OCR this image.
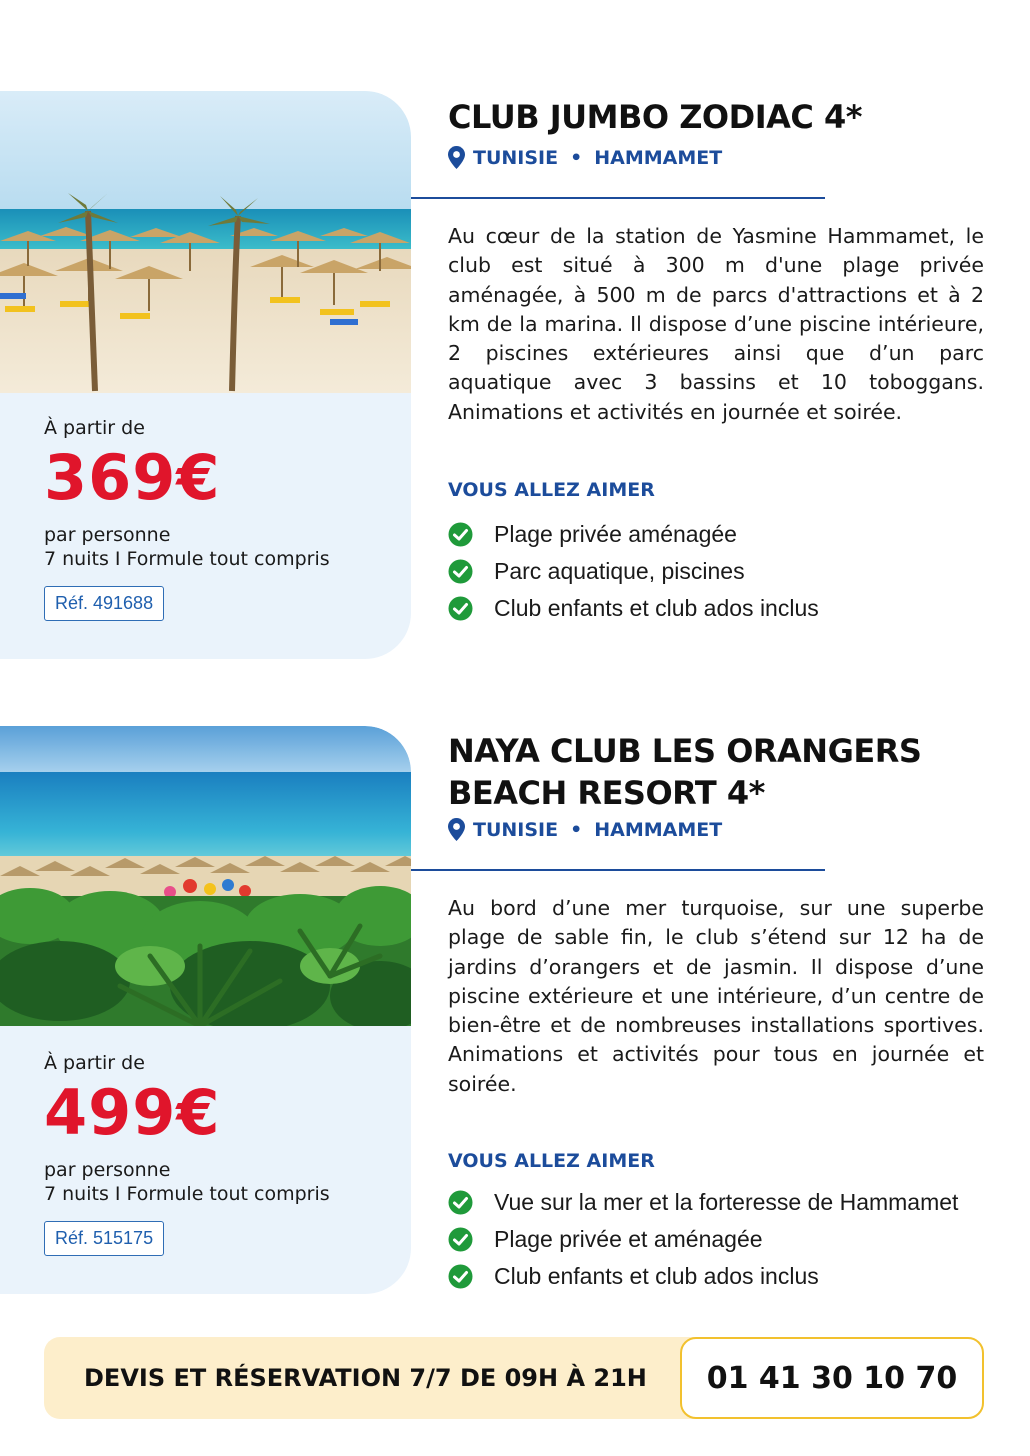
À partir de
369€
par personne
7 nuits I Formule tout compris
Réf. 491688
CLUB JUMBO ZODIAC 4*
TUNISIE • HAMMAMET
Au cœur de la station de Yasmine Hammamet, le club est situé à 300 m d'une plage privée aménagée, à 500 m de parcs d'attractions et à 2 km de la marina. Il dispose d’une piscine intérieure, 2 piscines extérieures ainsi que d’un parc aquatique avec 3 bassins et 10 toboggans. Animations et activités en journée et soirée.
VOUS ALLEZ AIMER
Plage privée aménagée
Parc aquatique, piscines
Club enfants et club ados inclus
À partir de
499€
par personne
7 nuits I Formule tout compris
Réf. 515175
NAYA CLUB LES ORANGERS
BEACH RESORT 4*
TUNISIE • HAMMAMET
Au bord d’une mer turquoise, sur une superbe plage de sable fin, le club s’étend sur 12 ha de jardins d’orangers et de jasmin. Il dispose d’une piscine extérieure et une intérieure, d’un centre de bien-être et de nombreuses installations sportives. Animations et activités pour tous en journée et soirée.
VOUS ALLEZ AIMER
Vue sur la mer et la forteresse de Hammamet
Plage privée et aménagée
Club enfants et club ados inclus
DEVIS ET RÉSERVATION 7/7 DE 09H À 21H	01 41 30 10 70
